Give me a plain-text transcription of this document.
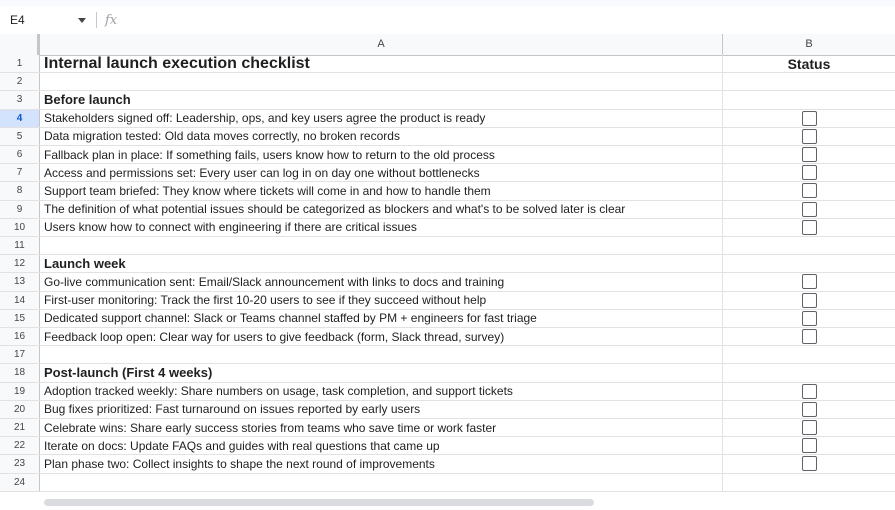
E4	fx
A	B
1	Internal launch execution checklist	Status
2
3	Before launch
4	Stakeholders signed off: Leadership, ops, and key users agree the product is ready
5	Data migration tested: Old data moves correctly, no broken records
6	Fallback plan in place: If something fails, users know how to return to the old process
7	Access and permissions set: Every user can log in on day one without bottlenecks
8	Support team briefed: They know where tickets will come in and how to handle them
9	The definition of what potential issues should be categorized as blockers and what's to be solved later is clear
10	Users know how to connect with engineering if there are critical issues
11
12	Launch week
13	Go-live communication sent: Email/Slack announcement with links to docs and training
14	First-user monitoring: Track the first 10-20 users to see if they succeed without help
15	Dedicated support channel: Slack or Teams channel staffed by PM + engineers for fast triage
16	Feedback loop open: Clear way for users to give feedback (form, Slack thread, survey)
17
18	Post-launch (First 4 weeks)
19	Adoption tracked weekly: Share numbers on usage, task completion, and support tickets
20	Bug fixes prioritized: Fast turnaround on issues reported by early users
21	Celebrate wins: Share early success stories from teams who save time or work faster
22	Iterate on docs: Update FAQs and guides with real questions that came up
23	Plan phase two: Collect insights to shape the next round of improvements
24
